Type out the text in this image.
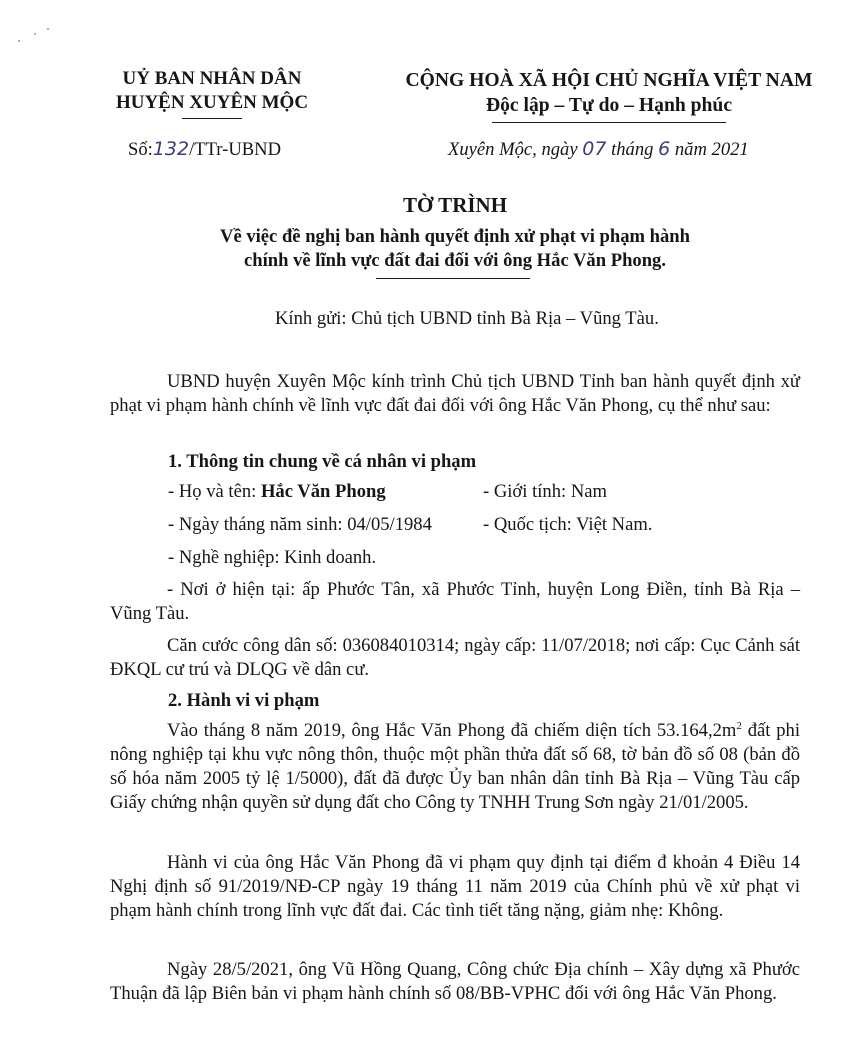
UỶ BAN NHÂN DÂN
HUYỆN XUYÊN MỘC
CỘNG HOÀ XÃ HỘI CHỦ NGHĨA VIỆT NAM
Độc lập – Tự do – Hạnh phúc
Số:132/TTr-UBND	Xuyên Mộc, ngày 07 tháng 6 năm 2021
TỜ TRÌNH
Về việc đề nghị ban hành quyết định xử phạt vi phạm hành
chính về lĩnh vực đất đai đối với ông Hắc Văn Phong.
Kính gửi: Chủ tịch UBND tỉnh Bà Rịa – Vũng Tàu.
UBND huyện Xuyên Mộc kính trình Chủ tịch UBND Tỉnh ban hành quyết định xử phạt vi phạm hành chính về lĩnh vực đất đai đối với ông Hắc Văn Phong, cụ thể như sau:
1. Thông tin chung về cá nhân vi phạm
- Họ và tên: Hắc Văn Phong	- Giới tính: Nam
- Ngày tháng năm sinh: 04/05/1984	- Quốc tịch: Việt Nam.
- Nghề nghiệp: Kinh doanh.
- Nơi ở hiện tại: ấp Phước Tân, xã Phước Tỉnh, huyện Long Điền, tỉnh Bà Rịa – Vũng Tàu.
Căn cước công dân số: 036084010314; ngày cấp: 11/07/2018; nơi cấp: Cục Cảnh sát ĐKQL cư trú và DLQG về dân cư.
2. Hành vi vi phạm
Vào tháng 8 năm 2019, ông Hắc Văn Phong đã chiếm diện tích $53.164,2m^2$ đất phi nông nghiệp tại khu vực nông thôn, thuộc một phần thửa đất số 68, tờ bản đồ số 08 (bản đồ số hóa năm 2005 tỷ lệ 1/5000), đất đã được Ủy ban nhân dân tỉnh Bà Rịa – Vũng Tàu cấp Giấy chứng nhận quyền sử dụng đất cho Công ty TNHH Trung Sơn ngày 21/01/2005.
Hành vi của ông Hắc Văn Phong đã vi phạm quy định tại điểm đ khoản 4 Điều 14 Nghị định số 91/2019/NĐ-CP ngày 19 tháng 11 năm 2019 của Chính phủ về xử phạt vi phạm hành chính trong lĩnh vực đất đai. Các tình tiết tăng nặng, giảm nhẹ: Không.
Ngày 28/5/2021, ông Vũ Hồng Quang, Công chức Địa chính – Xây dựng xã Phước Thuận đã lập Biên bản vi phạm hành chính số 08/BB-VPHC đối với ông Hắc Văn Phong.
